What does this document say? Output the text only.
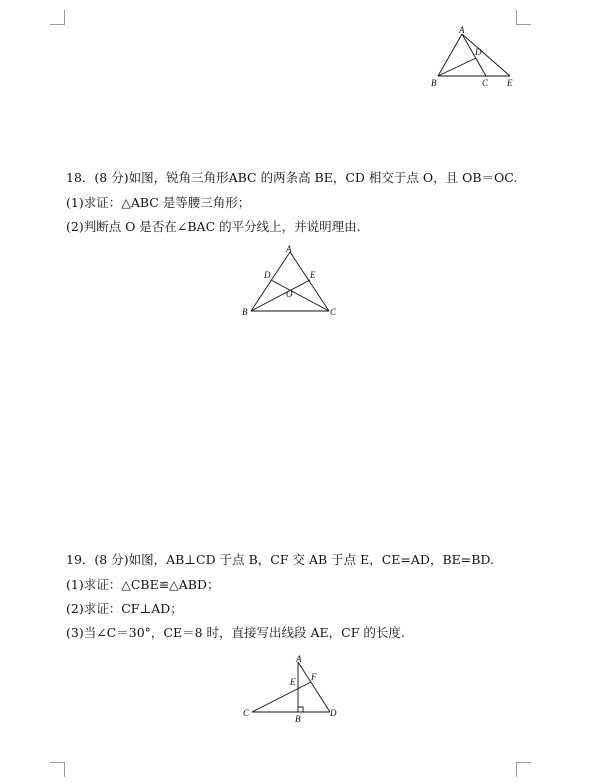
A
B	C
D
E
18．(8 分)如图，锐角三角形ABC 的两条高 BE，CD 相交于点 O，且 OB＝OC.
(1)求证：△ABC 是等腰三角形；
(2)判断点 O 是否在∠BAC 的平分线上，并说明理由.
A
B	C
D	E
O
19．(8 分)如图，AB⊥CD 于点 B，CF 交 AB 于点 E，CE=AD，BE=BD.
(1)求证：△CBE≌△ABD；
(2)求证：CF⊥AD；
(3)当∠C＝30°，CE＝8 时，直接写出线段 AE，CF 的长度.
A
B
C	D
E F
